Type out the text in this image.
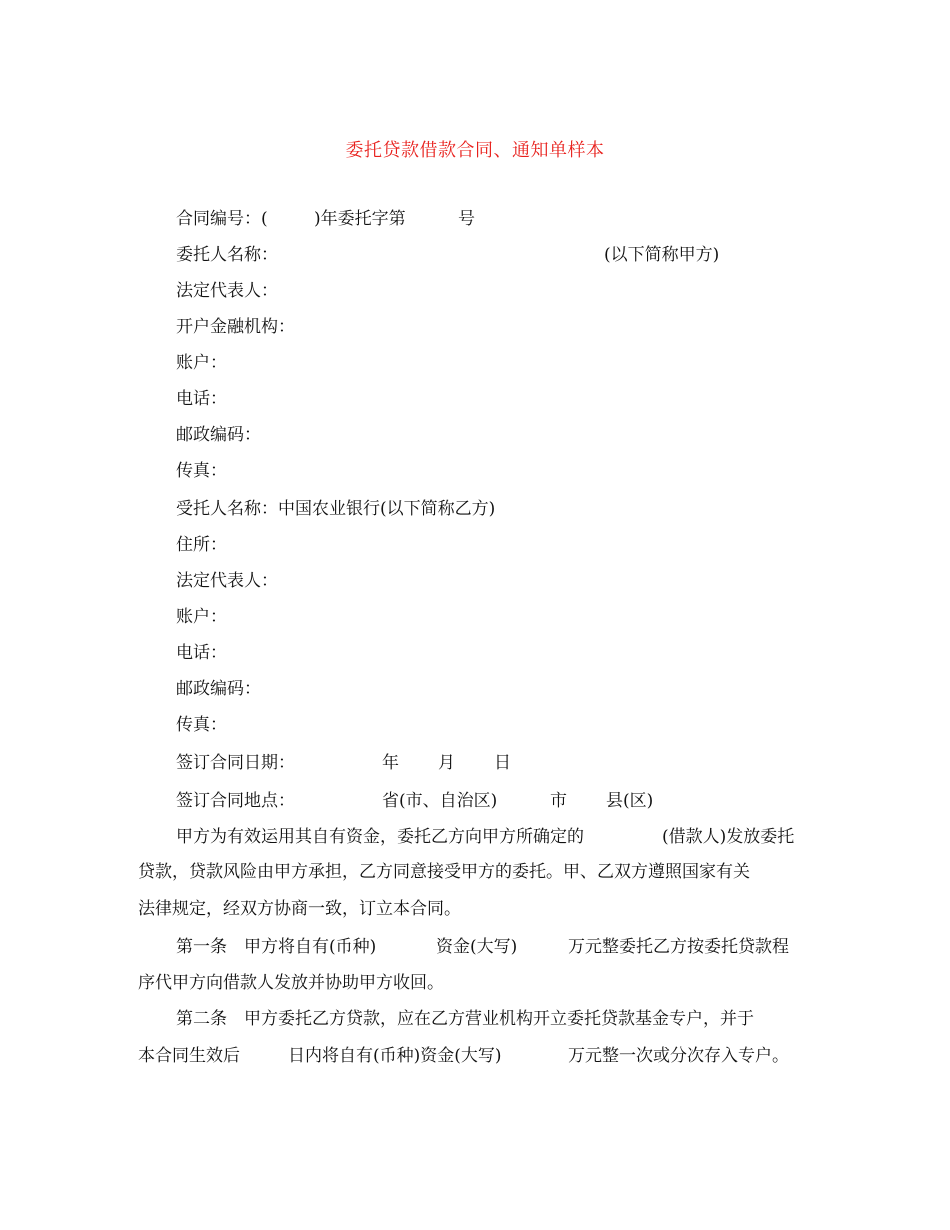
委托贷款借款合同、通知单样本
合同编号：(	)年委托字第	号
委托人名称：	(以下简称甲方)
法定代表人：
开户金融机构：
账户：
电话：
邮政编码：
传真：
受托人名称：中国农业银行(以下简称乙方)
住所：
法定代表人：
账户：
电话：
邮政编码：
传真：
签订合同日期：	年 月 日
签订合同地点：	省(市、自治区)	市 县(区)
甲方为有效运用其自有资金，委托乙方向甲方所确定的	(借款人)发放委托
贷款，贷款风险由甲方承担，乙方同意接受甲方的委托。甲、乙双方遵照国家有关
法律规定，经双方协商一致，订立本合同。
第一条　甲方将自有(币种)	资金(大写)	万元整委托乙方按委托贷款程
序代甲方向借款人发放并协助甲方收回。
第二条　甲方委托乙方贷款，应在乙方营业机构开立委托贷款基金专户，并于
本合同生效后	日内将自有(币种)资金(大写)	万元整一次或分次存入专户。
